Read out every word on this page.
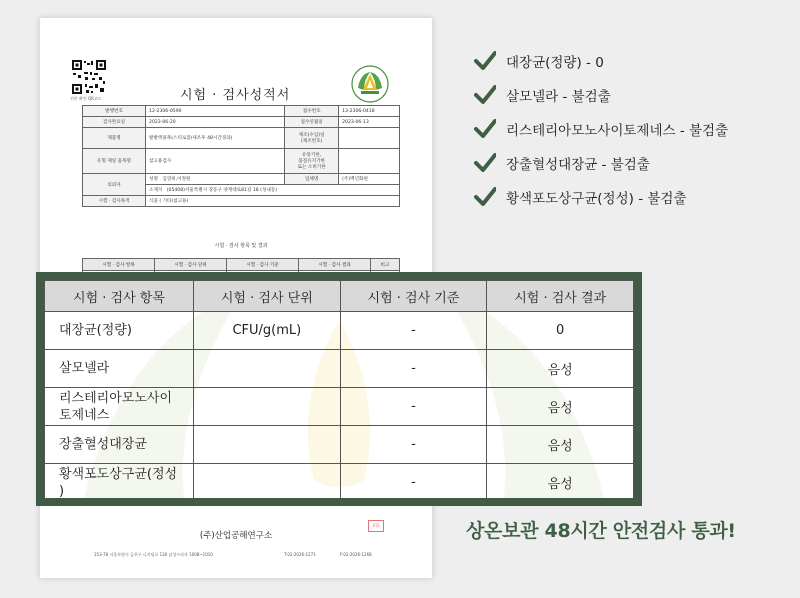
진본 확인 QR코드	시험 · 검사성적서
발행번호	12-2306-0590	접수번호	13-2306-0418
검사완료일	2023-06-20	접수연월일	2023-06-13
제품명	발발액용목(스티로폼/새조후 48시간경과)	제조(수입)일
(제조번호)	
유형 제일 품목명	참고용검사	유통기한,
품질유지기한
또는 소비기한	
의뢰자	성명 김영희,이정원	업체명	(주)백년화편
	소재지 (05408)서울특별시 강동구 양재대로81길 18 (성내동)		
시험 · 검사목적	식품 ( 기타(참고용)		
시험 · 검사 항목 및 결과
시험 · 검사 항목	시험 · 검사 단위	시험 · 검사 기준	시험 · 검사 결과	비고

(주)산업공해연구소
(印)
153-78 서울특별시 금천구 디지털로 130 남성프라자 1008~1010	T:02-2026-1271	F:02-2026-1268
시험 · 검사 항목	시험 · 검사 단위	시험 · 검사 기준	시험 · 검사 결과
대장균(정량)	CFU/g(mL)	-	0
살모넬라		-	음성
리스테리아모노사이
토제네스		-	음성
장출혈성대장균		-	음성
황색포도상구균(정성
)		-	음성
대장균(정량) - 0
살모넬라 - 불검출
리스테리아모노사이토제네스 - 불검출
장출혈성대장균 - 불검출
황색포도상구균(정성) - 불검출
상온보관 48시간 안전검사 통과!
